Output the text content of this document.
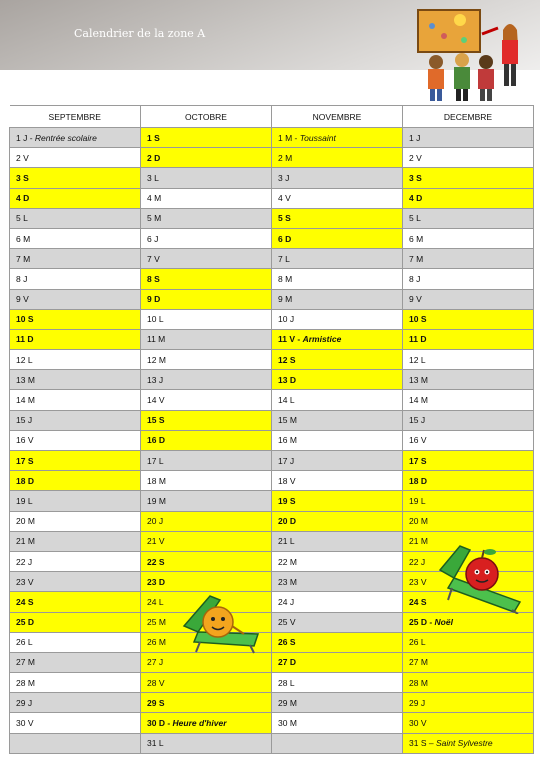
Calendrier de la zone A
SEPTEMBRE	OCTOBRE	NOVEMBRE	DECEMBRE
1 J - Rentrée scolaire	1 S	1 M - Toussaint	1 J
2 V	2 D	2 M	2 V
3 S	3 L	3 J	3 S
4 D	4 M	4 V	4 D
5 L	5 M	5 S	5 L
6 M	6 J	6 D	6 M
7 M	7 V	7 L	7 M
8 J	8 S	8 M	8 J
9 V	9 D	9 M	9 V
10 S	10 L	10 J	10 S
11 D	11 M	11 V - Armistice	11 D
12 L	12 M	12 S	12 L
13 M	13 J	13 D	13 M
14 M	14 V	14 L	14 M
15 J	15 S	15 M	15 J
16 V	16 D	16 M	16 V
17 S	17 L	17 J	17 S
18 D	18 M	18 V	18 D
19 L	19 M	19 S	19 L
20 M	20 J	20 D	20 M
21 M	21 V	21 L	21 M
22 J	22 S	22 M	22 J
23 V	23 D	23 M	23 V
24 S	24 L	24 J	24 S
25 D	25 M	25 V	25 D - Noël
26 L	26 M	26 S	26 L
27 M	27 J	27 D	27 M
28 M	28 V	28 L	28 M
29 J	29 S	29 M	29 J
30 V	30 D - Heure d'hiver	30 M	30 V
	31 L		31 S – Saint Sylvestre
